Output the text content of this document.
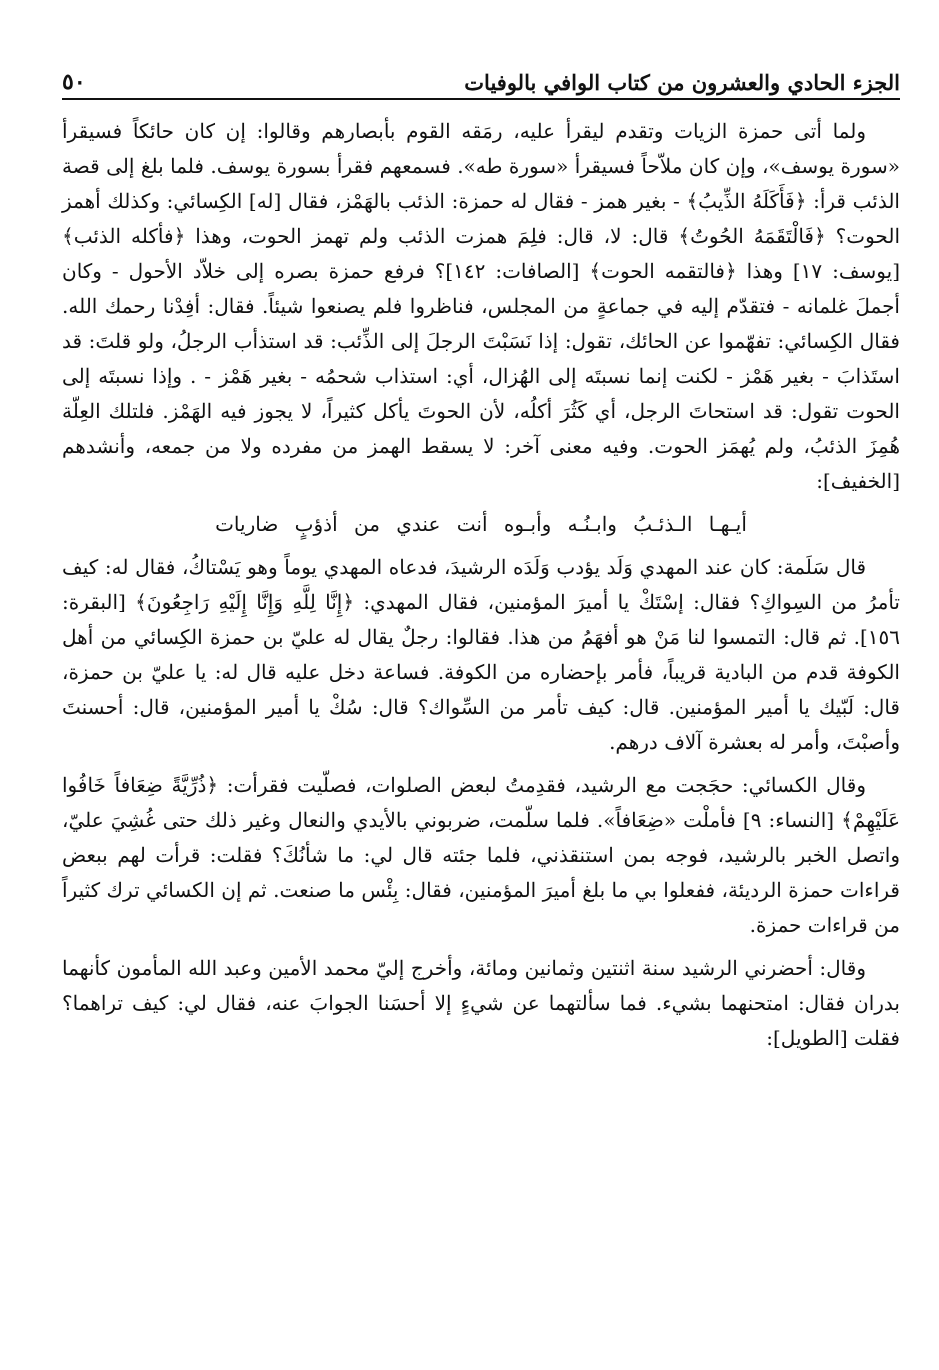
الجزء الحادي والعشرون من كتاب الوافي بالوفيات
٥٠

ولما أتى حمزة الزيات وتقدم ليقرأ عليه، رمَقه القوم بأبصارهم وقالوا: إن كان حائكاً فسيقرأ «سورة يوسف»، وإن كان ملاّحاً فسيقرأ «سورة طه». فسمعهم فقرأ بسورة يوسف. فلما بلغ إلى قصة الذئب قرأ: ﴿فَأَكَلَهُ الذِّيبُ﴾ - بغير همز - فقال له حمزة: الذئب بالهَمْز، فقال [له] الكِسائي: وكذلك أهمز الحوت؟ ﴿فَالْتَقَمَهُ الحُوتُ﴾ قال: لا، قال: فلِمَ همزت الذئب ولم تهمز الحوت، وهذا ﴿فأكله الذئب﴾ [يوسف: ١٧] وهذا ﴿فالتقمه الحوت﴾ [الصافات: ١٤٢]؟ فرفع حمزة بصره إلى خلاّد الأحول - وكان أجملَ غلمانه - فتقدّم إليه في جماعةٍ من المجلس، فناظروا فلم يصنعوا شيئاً. فقال: أفِدْنا رحمك الله. فقال الكِسائي: تفهّموا عن الحائك، تقول: إذا نَسَبْتَ الرجلَ إلى الذِّئب: قد استذأب الرجلُ، ولو قلتَ: قد استَذابَ - بغير هَمْز - لكنت إنما نسبتَه إلى الهُزال، أي: استذاب شحمُه - بغير هَمْز - . وإذا نسبتَه إلى الحوت تقول: قد استحاتَ الرجل، أي كَثُرَ أكلُه، لأن الحوتَ يأكل كثيراً، لا يجوز فيه الهَمْز. فلتلك العِلّة هُمِزَ الذئبُ، ولم يُهمَز الحوت. وفيه معنى آخر: لا يسقط الهمز من مفرده ولا من جمعه، وأنشدهم [الخفيف]:

أيـهـا الـذئـبُ وابـنُـه وأبـوه أنت عندي من أذؤبٍ ضاريات

قال سَلَمة: كان عند المهدي وَلَد يؤدب وَلَدَه الرشيدَ، فدعاه المهدي يوماً وهو يَسْتاكُ، فقال له: كيف تأمرُ من السِواكِ؟ فقال: إسْتَكْ يا أميرَ المؤمنين، فقال المهدي: ﴿إِنَّا لِلَّهِ وَإِنَّا إِلَيْهِ رَاجِعُونَ﴾ [البقرة: ١٥٦]. ثم قال: التمسوا لنا مَنْ هو أفهَمُ من هذا. فقالوا: رجلٌ يقال له عليّ بن حمزة الكِسائي من أهل الكوفة قدم من البادية قريباً، فأمر بإحضاره من الكوفة. فساعة دخل عليه قال له: يا عليّ بن حمزة، قال: لَبّيك يا أمير المؤمنين. قال: كيف تأمر من السِّواك؟ قال: سُكْ يا أمير المؤمنين، قال: أحسنتَ وأصبْتَ، وأمر له بعشرة آلاف درهم.

وقال الكسائي: حجَجت مع الرشيد، فقدِمتُ لبعض الصلوات، فصلّيت فقرأت: ﴿ذُرِّيَّةً ضِعَافاً خَافُوا عَلَيْهِمْ﴾ [النساء: ٩] فأملْت «ضِعَافاً». فلما سلّمت، ضربوني بالأيدي والنعال وغير ذلك حتى غُشِيَ عليّ، واتصل الخبر بالرشيد، فوجه بمن استنقذني، فلما جئته قال لي: ما شأنُكَ؟ فقلت: قرأت لهم ببعض قراءات حمزة الرديئة، ففعلوا بي ما بلغ أميرَ المؤمنين، فقال: بِئْس ما صنعت. ثم إن الكسائي ترك كثيراً من قراءات حمزة.

وقال: أحضرني الرشيد سنة اثنتين وثمانين ومائة، وأخرج إليّ محمد الأمين وعبد الله المأمون كأنهما بدران فقال: امتحنهما بشيء. فما سألتهما عن شيءٍ إلا أحسَنا الجوابَ عنه، فقال لي: كيف تراهما؟ فقلت [الطويل]:
